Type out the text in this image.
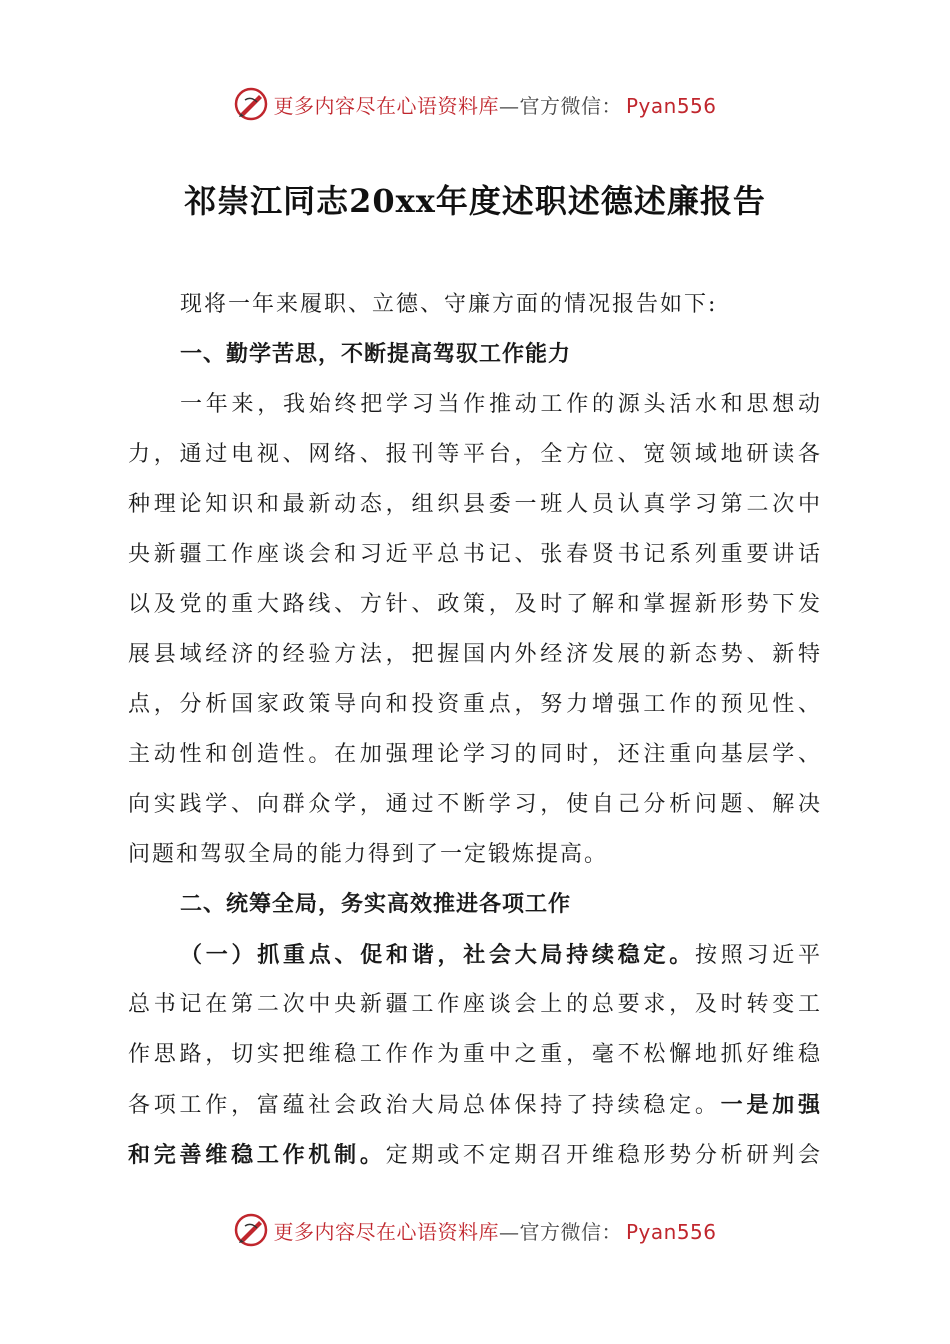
更多内容尽在心语资料库—官方微信： Pyan556
祁崇江同志20xx年度述职述德述廉报告
现将一年来履职、立德、守廉方面的情况报告如下:
一、勤学苦思，不断提高驾驭工作能力
一年来，我始终把学习当作推动工作的源头活水和思想动
力，通过电视、网络、报刊等平台，全方位、宽领域地研读各
种理论知识和最新动态，组织县委一班人员认真学习第二次中
央新疆工作座谈会和习近平总书记、张春贤书记系列重要讲话
以及党的重大路线、方针、政策，及时了解和掌握新形势下发
展县域经济的经验方法，把握国内外经济发展的新态势、新特
点，分析国家政策导向和投资重点，努力增强工作的预见性、
主动性和创造性。在加强理论学习的同时，还注重向基层学、
向实践学、向群众学，通过不断学习，使自己分析问题、解决
问题和驾驭全局的能力得到了一定锻炼提高。
二、统筹全局，务实高效推进各项工作
（一）抓重点、促和谐，社会大局持续稳定。按照习近平
总书记在第二次中央新疆工作座谈会上的总要求，及时转变工
作思路，切实把维稳工作作为重中之重，毫不松懈地抓好维稳
各项工作，富蕴社会政治大局总体保持了持续稳定。一是加强
和完善维稳工作机制。定期或不定期召开维稳形势分析研判会
更多内容尽在心语资料库—官方微信： Pyan556
